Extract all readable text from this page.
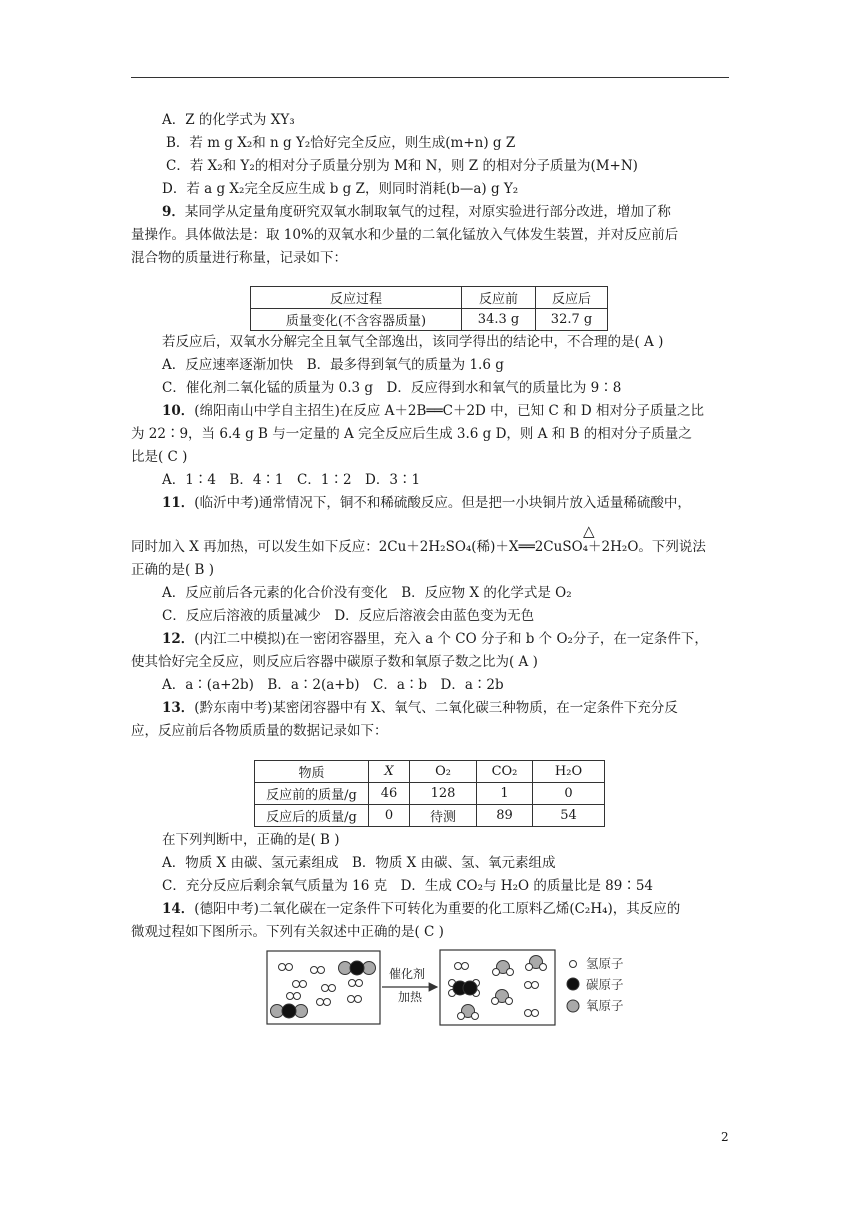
A．Z 的化学式为 XY₃
B．若 m g X₂和 n g Y₂恰好完全反应，则生成(m+n) g Z
C．若 X₂和 Y₂的相对分子质量分别为 M和 N，则 Z 的相对分子质量为(M+N)
D．若 a g X₂完全反应生成 b g Z，则同时消耗(b—a) g Y₂
9．某同学从定量角度研究双氧水制取氧气的过程，对原实验进行部分改进，增加了称
量操作。具体做法是：取 10%的双氧水和少量的二氧化锰放入气体发生装置，并对反应前后
混合物的质量进行称量，记录如下：
反应过程	反应前	反应后
质量变化(不含容器质量)	34.3 g	32.7 g
若反应后，双氧水分解完全且氧气全部逸出，该同学得出的结论中，不合理的是( A )
A．反应速率逐渐加快　B．最多得到氧气的质量为 1.6 g
C．催化剂二氧化锰的质量为 0.3 g　D．反应得到水和氧气的质量比为 9∶8
10．(绵阳南山中学自主招生)在反应 A＋2B══C＋2D 中，已知 C 和 D 相对分子质量之比
为 22∶9，当 6.4 g B 与一定量的 A 完全反应后生成 3.6 g D，则 A 和 B 的相对分子质量之
比是( C )
A．1∶4　B．4∶1　C．1∶2　D．3∶1
11．(临沂中考)通常情况下，铜不和稀硫酸反应。但是把一小块铜片放入适量稀硫酸中，
△
同时加入 X 再加热，可以发生如下反应：2Cu＋2H₂SO₄(稀)＋X══2CuSO₄＋2H₂O。下列说法
正确的是( B )
A．反应前后各元素的化合价没有变化　B．反应物 X 的化学式是 O₂
C．反应后溶液的质量减少　D．反应后溶液会由蓝色变为无色
12．(内江二中模拟)在一密闭容器里，充入 a 个 CO 分子和 b 个 O₂分子，在一定条件下，
使其恰好完全反应，则反应后容器中碳原子数和氧原子数之比为( A )
A．a∶(a+2b)　B．a∶2(a+b)　C．a∶b　D．a∶2b
13．(黔东南中考)某密闭容器中有 X、氧气、二氧化碳三种物质，在一定条件下充分反
应，反应前后各物质质量的数据记录如下：
物质	X	O₂	CO₂	H₂O
反应前的质量/g	46	128	1	0
反应后的质量/g	0	待测	89	54
在下列判断中，正确的是( B )
A．物质 X 由碳、氢元素组成　B．物质 X 由碳、氢、氧元素组成
C．充分反应后剩余氧气质量为 16 克　D．生成 CO₂与 H₂O 的质量比是 89∶54
14．(德阳中考)二氧化碳在一定条件下可转化为重要的化工原料乙烯(C₂H₄)，其反应的
微观过程如下图所示。下列有关叙述中正确的是( C )
催化剂
加热
氢原子
碳原子
氧原子
2
